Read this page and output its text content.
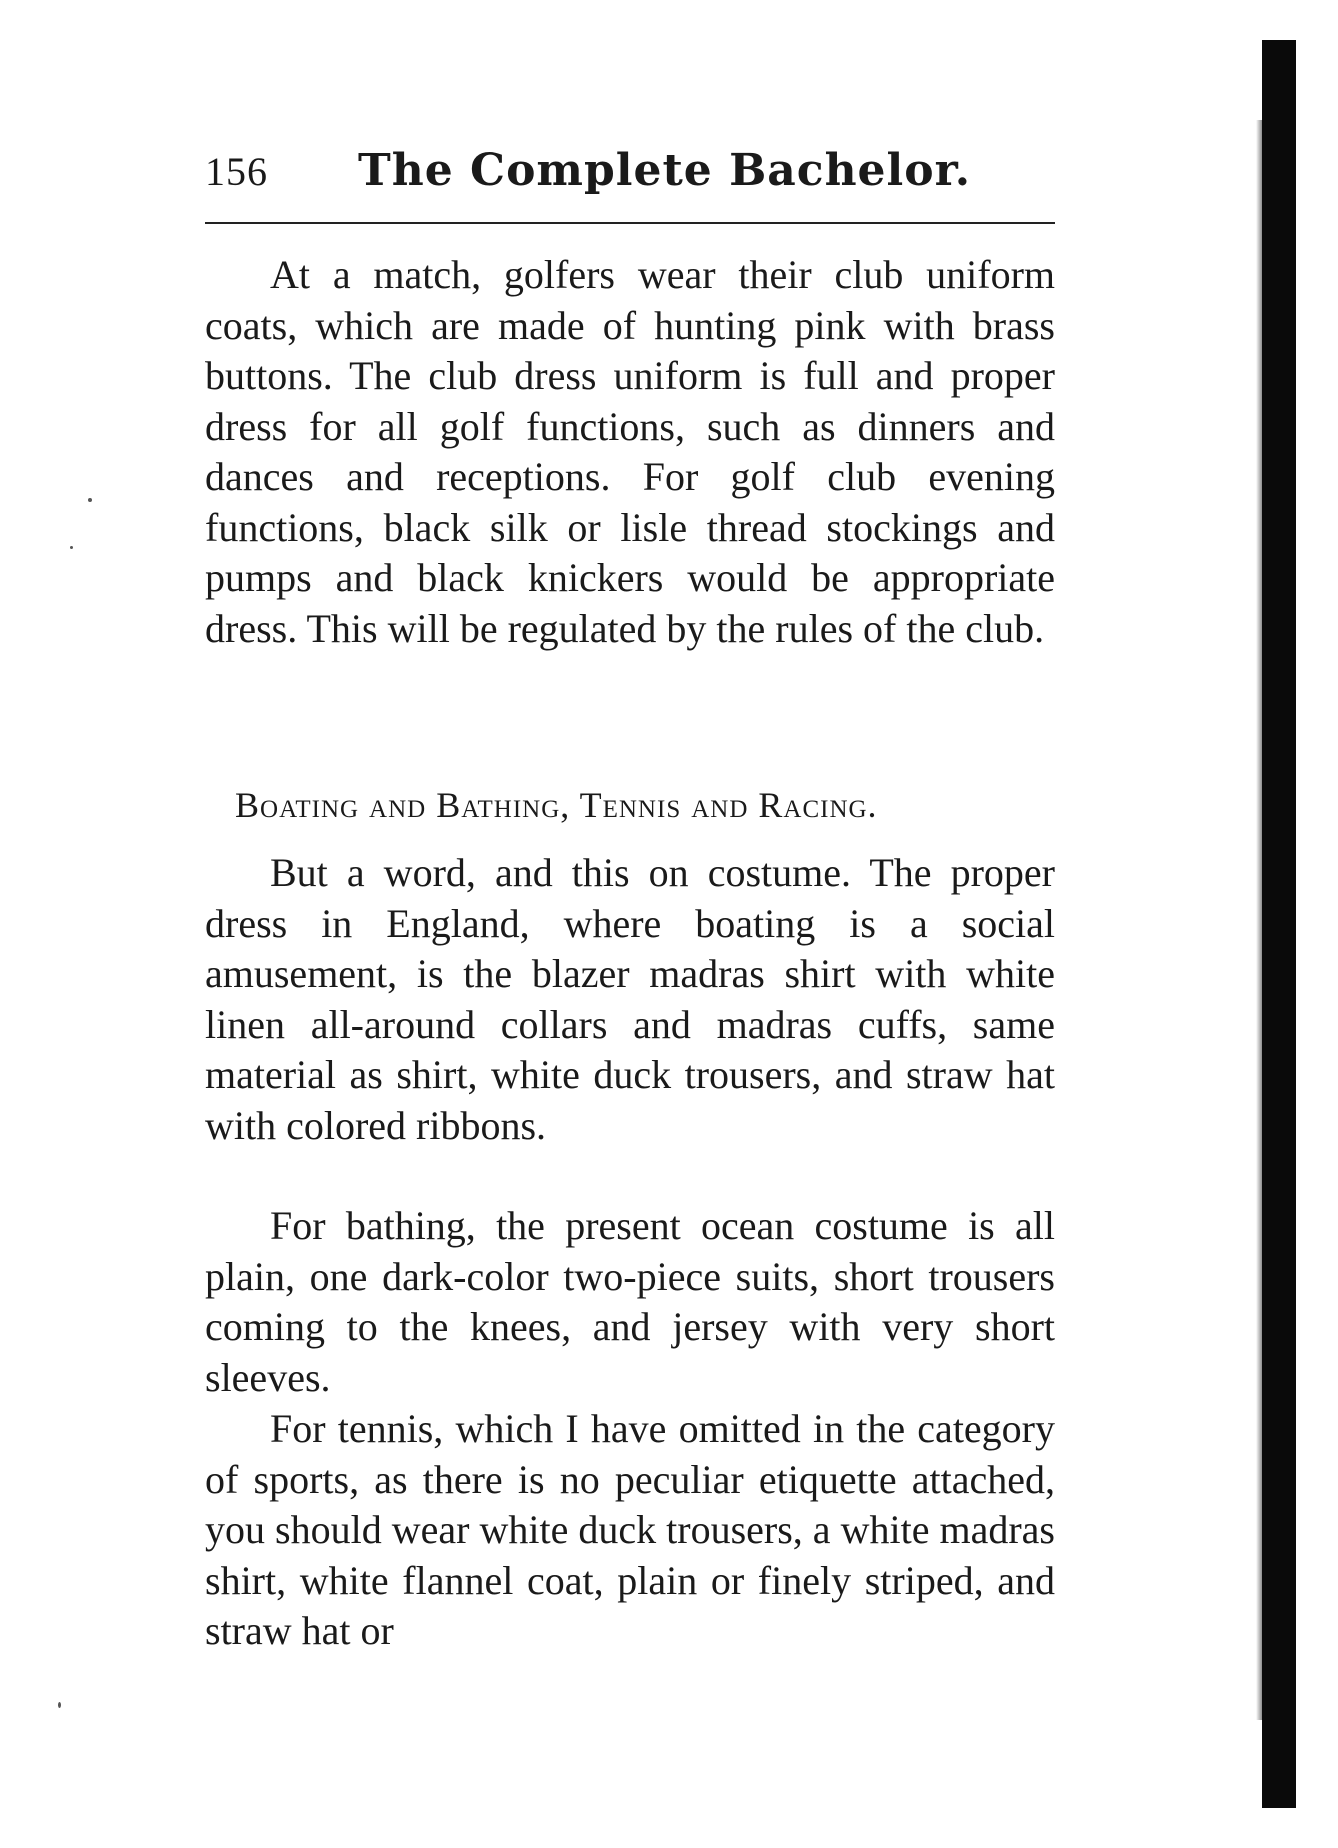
156 The Complete Bachelor.

At a match, golfers wear their club uniform coats, which are made of hunting pink with brass buttons. The club dress uniform is full and proper dress for all golf functions, such as dinners and dances and receptions. For golf club evening functions, black silk or lisle thread stockings and pumps and black knickers would be appropriate dress. This will be regulated by the rules of the club.

Boating and Bathing, Tennis and Racing.

But a word, and this on costume. The proper dress in England, where boating is a social amusement, is the blazer madras shirt with white linen all-around collars and madras cuffs, same material as shirt, white duck trousers, and straw hat with colored ribbons.

For bathing, the present ocean costume is all plain, one dark-color two-piece suits, short trousers coming to the knees, and jersey with very short sleeves.

For tennis, which I have omitted in the category of sports, as there is no peculiar etiquette attached, you should wear white duck trousers, a white madras shirt, white flannel coat, plain or finely striped, and straw hat or
